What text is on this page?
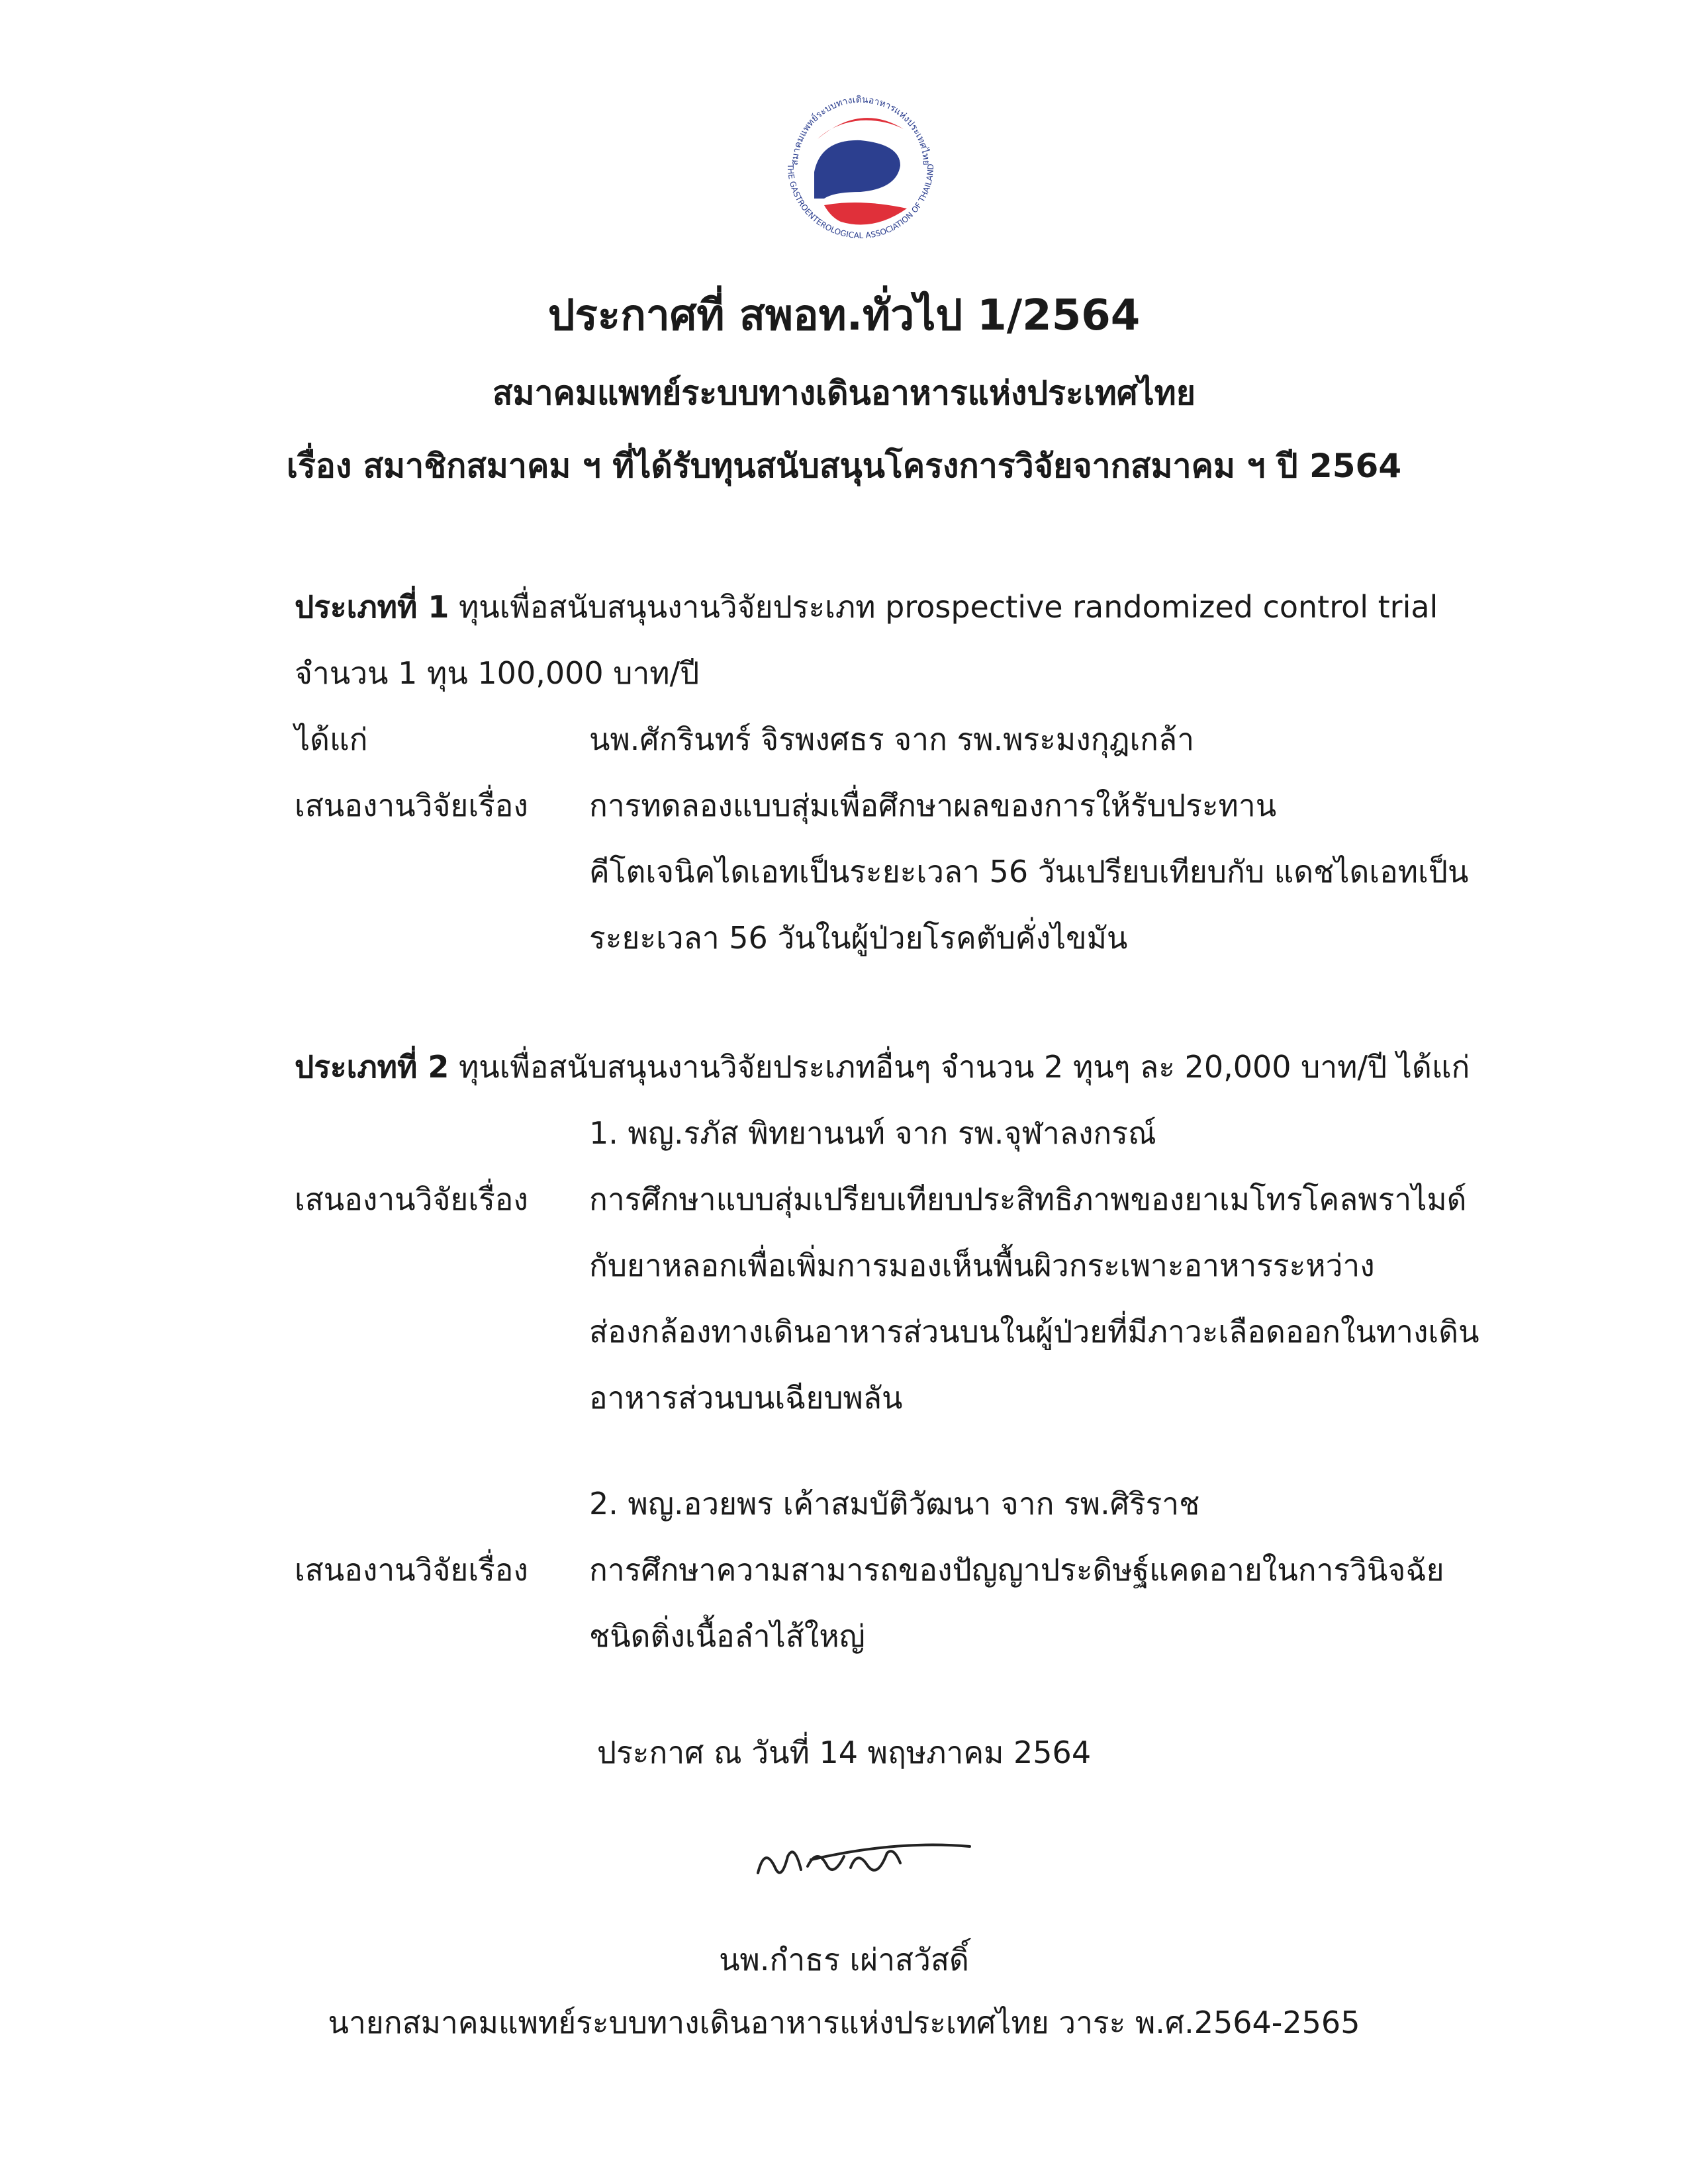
สมาคมแพทย์ระบบทางเดินอาหารแห่งประเทศไทย
THE GASTROENTEROLOGICAL ASSOCIATION OF THAILAND
ประกาศที่ สพอท.ทั่วไป 1/2564
สมาคมแพทย์ระบบทางเดินอาหารแห่งประเทศไทย
เรื่อง สมาชิกสมาคม ฯ ที่ได้รับทุนสนับสนุนโครงการวิจัยจากสมาคม ฯ ปี 2564
ประเภทที่ 1 ทุนเพื่อสนับสนุนงานวิจัยประเภท prospective randomized control trial
จำนวน 1 ทุน 100,000 บาท/ปี
ได้แก่	นพ.ศักรินทร์ จิรพงศธร จาก รพ.พระมงกุฎเกล้า
เสนองานวิจัยเรื่อง การทดลองแบบสุ่มเพื่อศึกษาผลของการให้รับประทาน
คีโตเจนิคไดเอทเป็นระยะเวลา 56 วันเปรียบเทียบกับ แดชไดเอทเป็น
ระยะเวลา 56 วันในผู้ป่วยโรคตับคั่งไขมัน
ประเภทที่ 2 ทุนเพื่อสนับสนุนงานวิจัยประเภทอื่นๆ จำนวน 2 ทุนๆ ละ 20,000 บาท/ปี ได้แก่
1. พญ.รภัส พิทยานนท์ จาก รพ.จุฬาลงกรณ์
เสนองานวิจัยเรื่อง การศึกษาแบบสุ่มเปรียบเทียบประสิทธิภาพของยาเมโทรโคลพราไมด์
กับยาหลอกเพื่อเพิ่มการมองเห็นพื้นผิวกระเพาะอาหารระหว่าง
ส่องกล้องทางเดินอาหารส่วนบนในผู้ป่วยที่มีภาวะเลือดออกในทางเดิน
อาหารส่วนบนเฉียบพลัน
2. พญ.อวยพร เค้าสมบัติวัฒนา จาก รพ.ศิริราช
เสนองานวิจัยเรื่อง การศึกษาความสามารถของปัญญาประดิษฐ์แคดอายในการวินิจฉัย
ชนิดติ่งเนื้อลำไส้ใหญ่
ประกาศ ณ วันที่ 14 พฤษภาคม 2564
นพ.กำธร เผ่าสวัสดิ์
นายกสมาคมแพทย์ระบบทางเดินอาหารแห่งประเทศไทย วาระ พ.ศ.2564-2565
